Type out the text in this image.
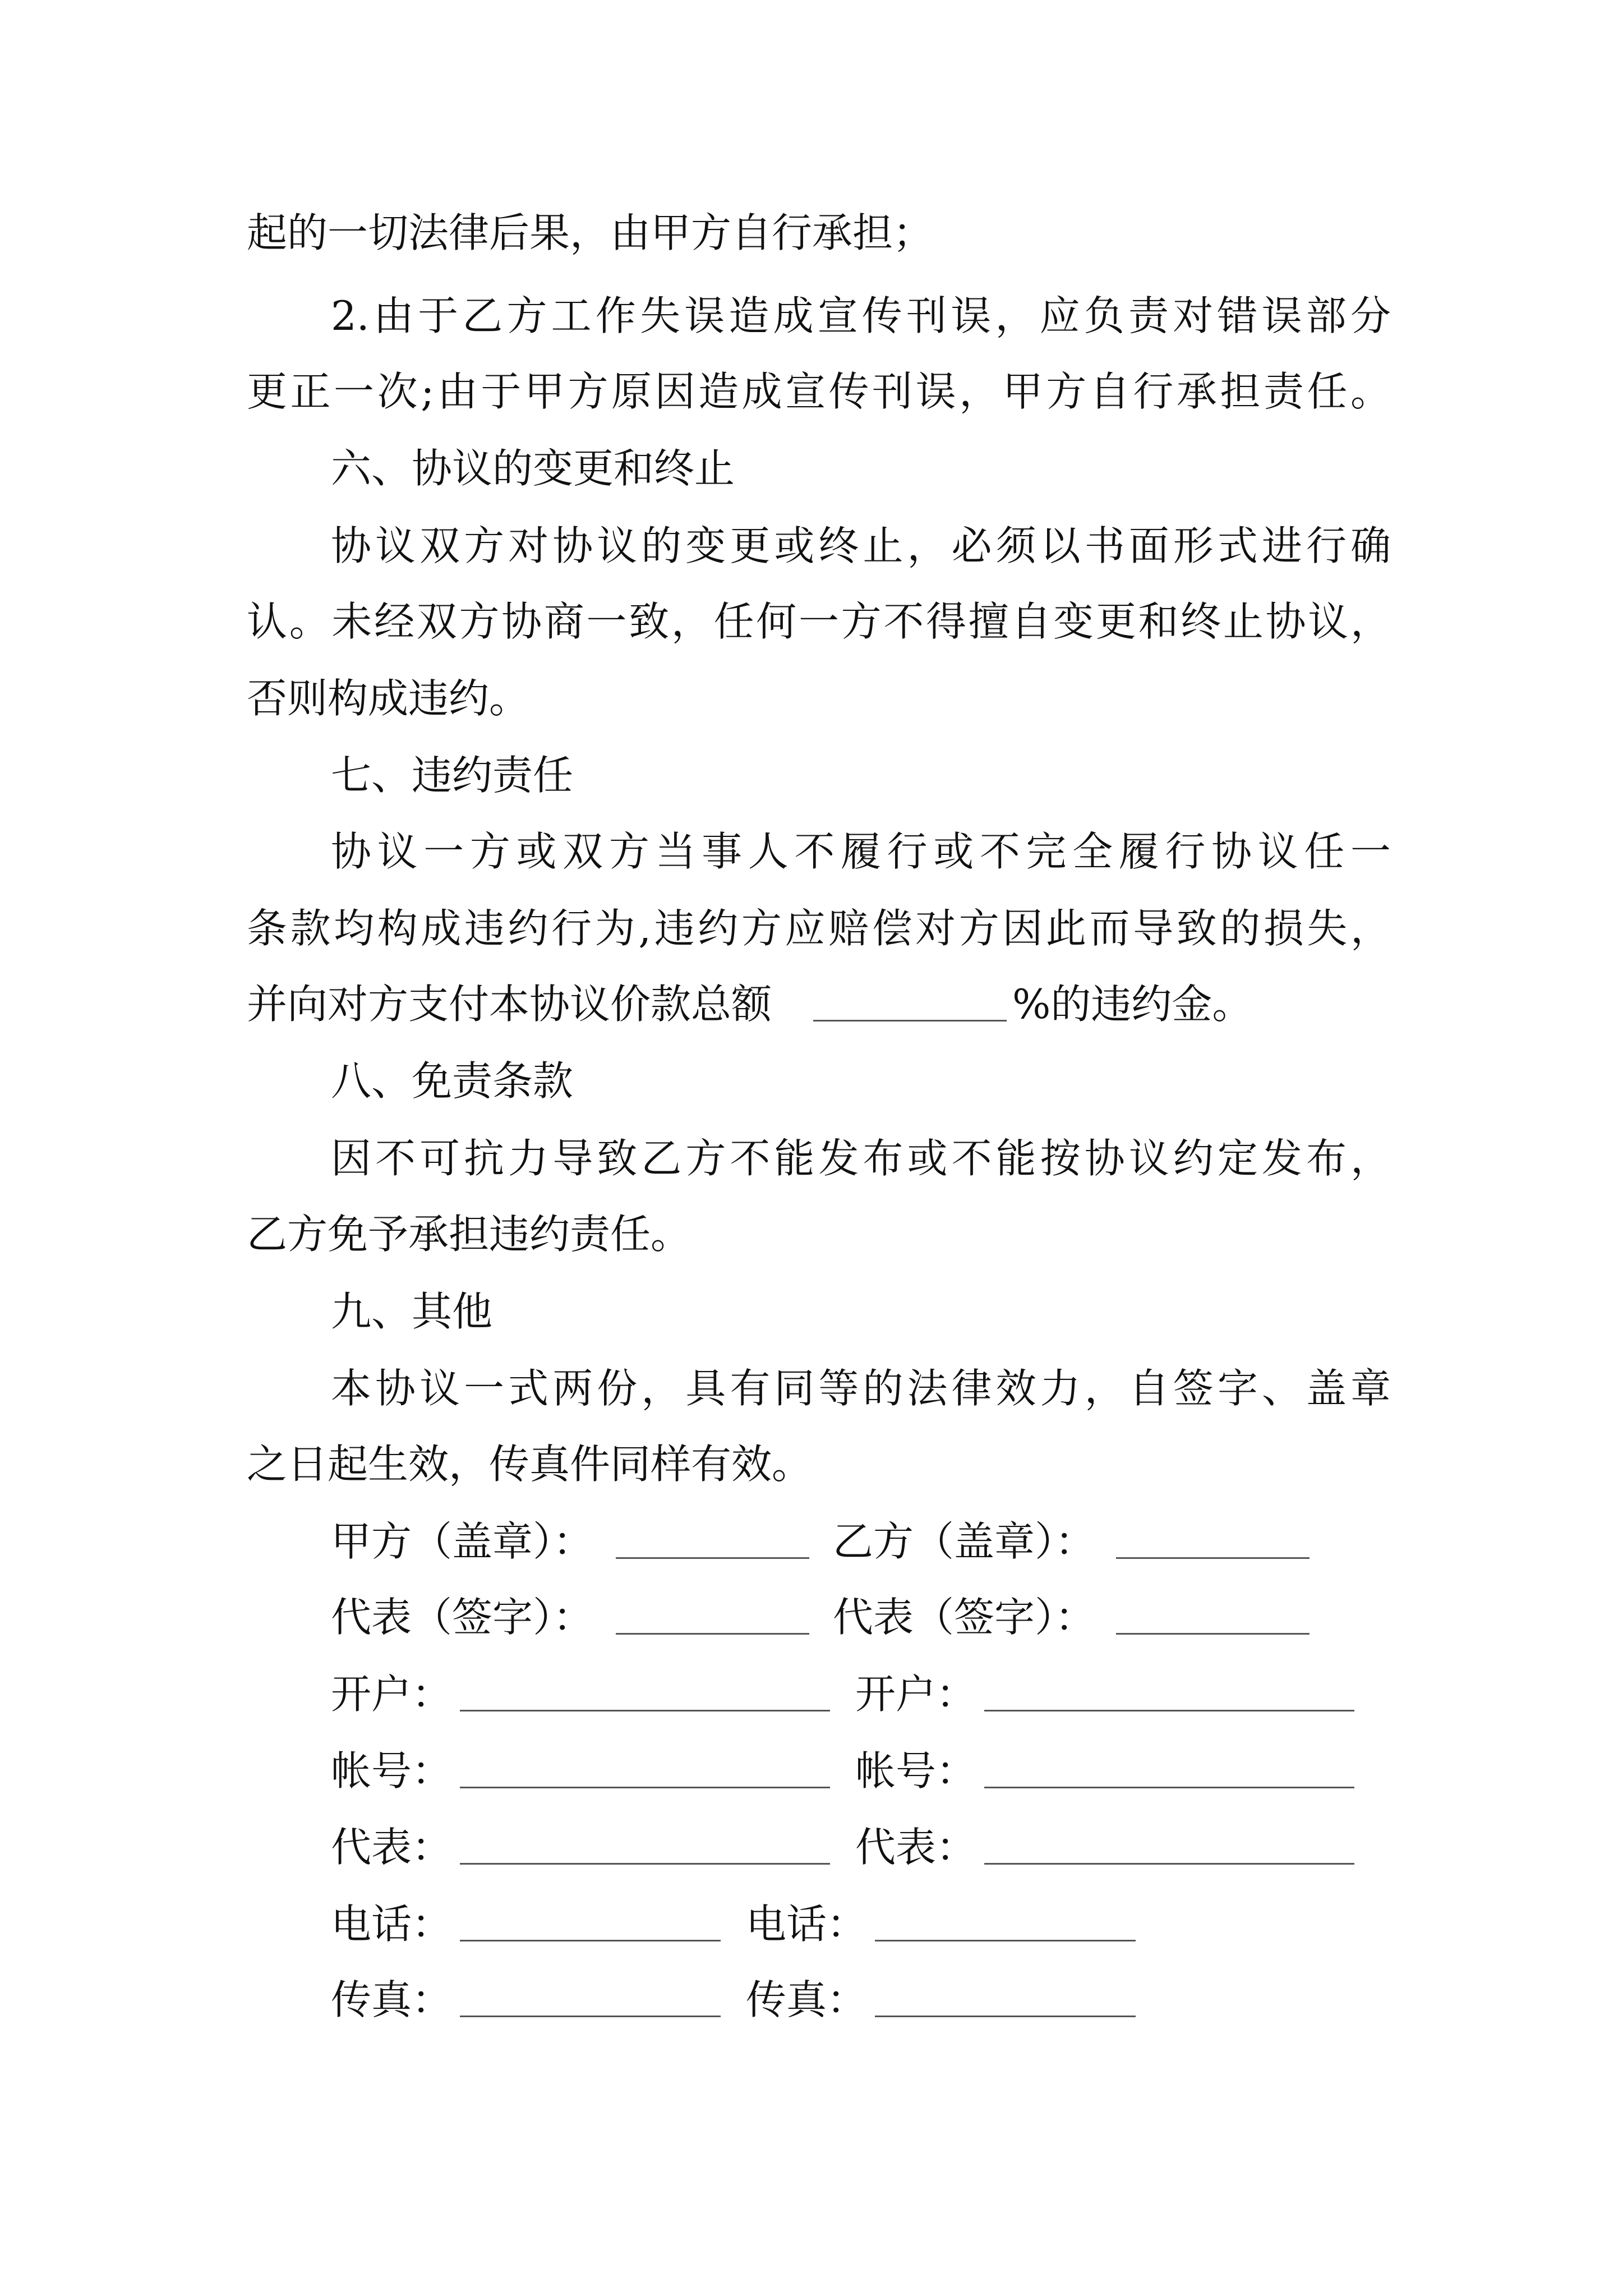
起的一切法律后果，由甲方自行承担；
2.由于乙方工作失误造成宣传刊误，应负责对错误部分
更正一次;由于甲方原因造成宣传刊误，甲方自行承担责任。
六、协议的变更和终止
协议双方对协议的变更或终止，必须以书面形式进行确
认。未经双方协商一致，任何一方不得擅自变更和终止协议，
否则构成违约。
七、违约责任
协议一方或双方当事人不履行或不完全履行协议任一
条款均构成违约行为,违约方应赔偿对方因此而导致的损失，
并向对方支付本协议价款总额	%的违约金。
八、免责条款
因不可抗力导致乙方不能发布或不能按协议约定发布，
乙方免予承担违约责任。
九、其他
本协议一式两份，具有同等的法律效力，自签字、盖章
之日起生效，传真件同样有效。
甲方（盖章）：	乙方（盖章）：
代表（签字）：	代表（签字）：
开户：	开户：
帐号：	帐号：
代表：	代表：
电话：	电话：
传真：	传真：
